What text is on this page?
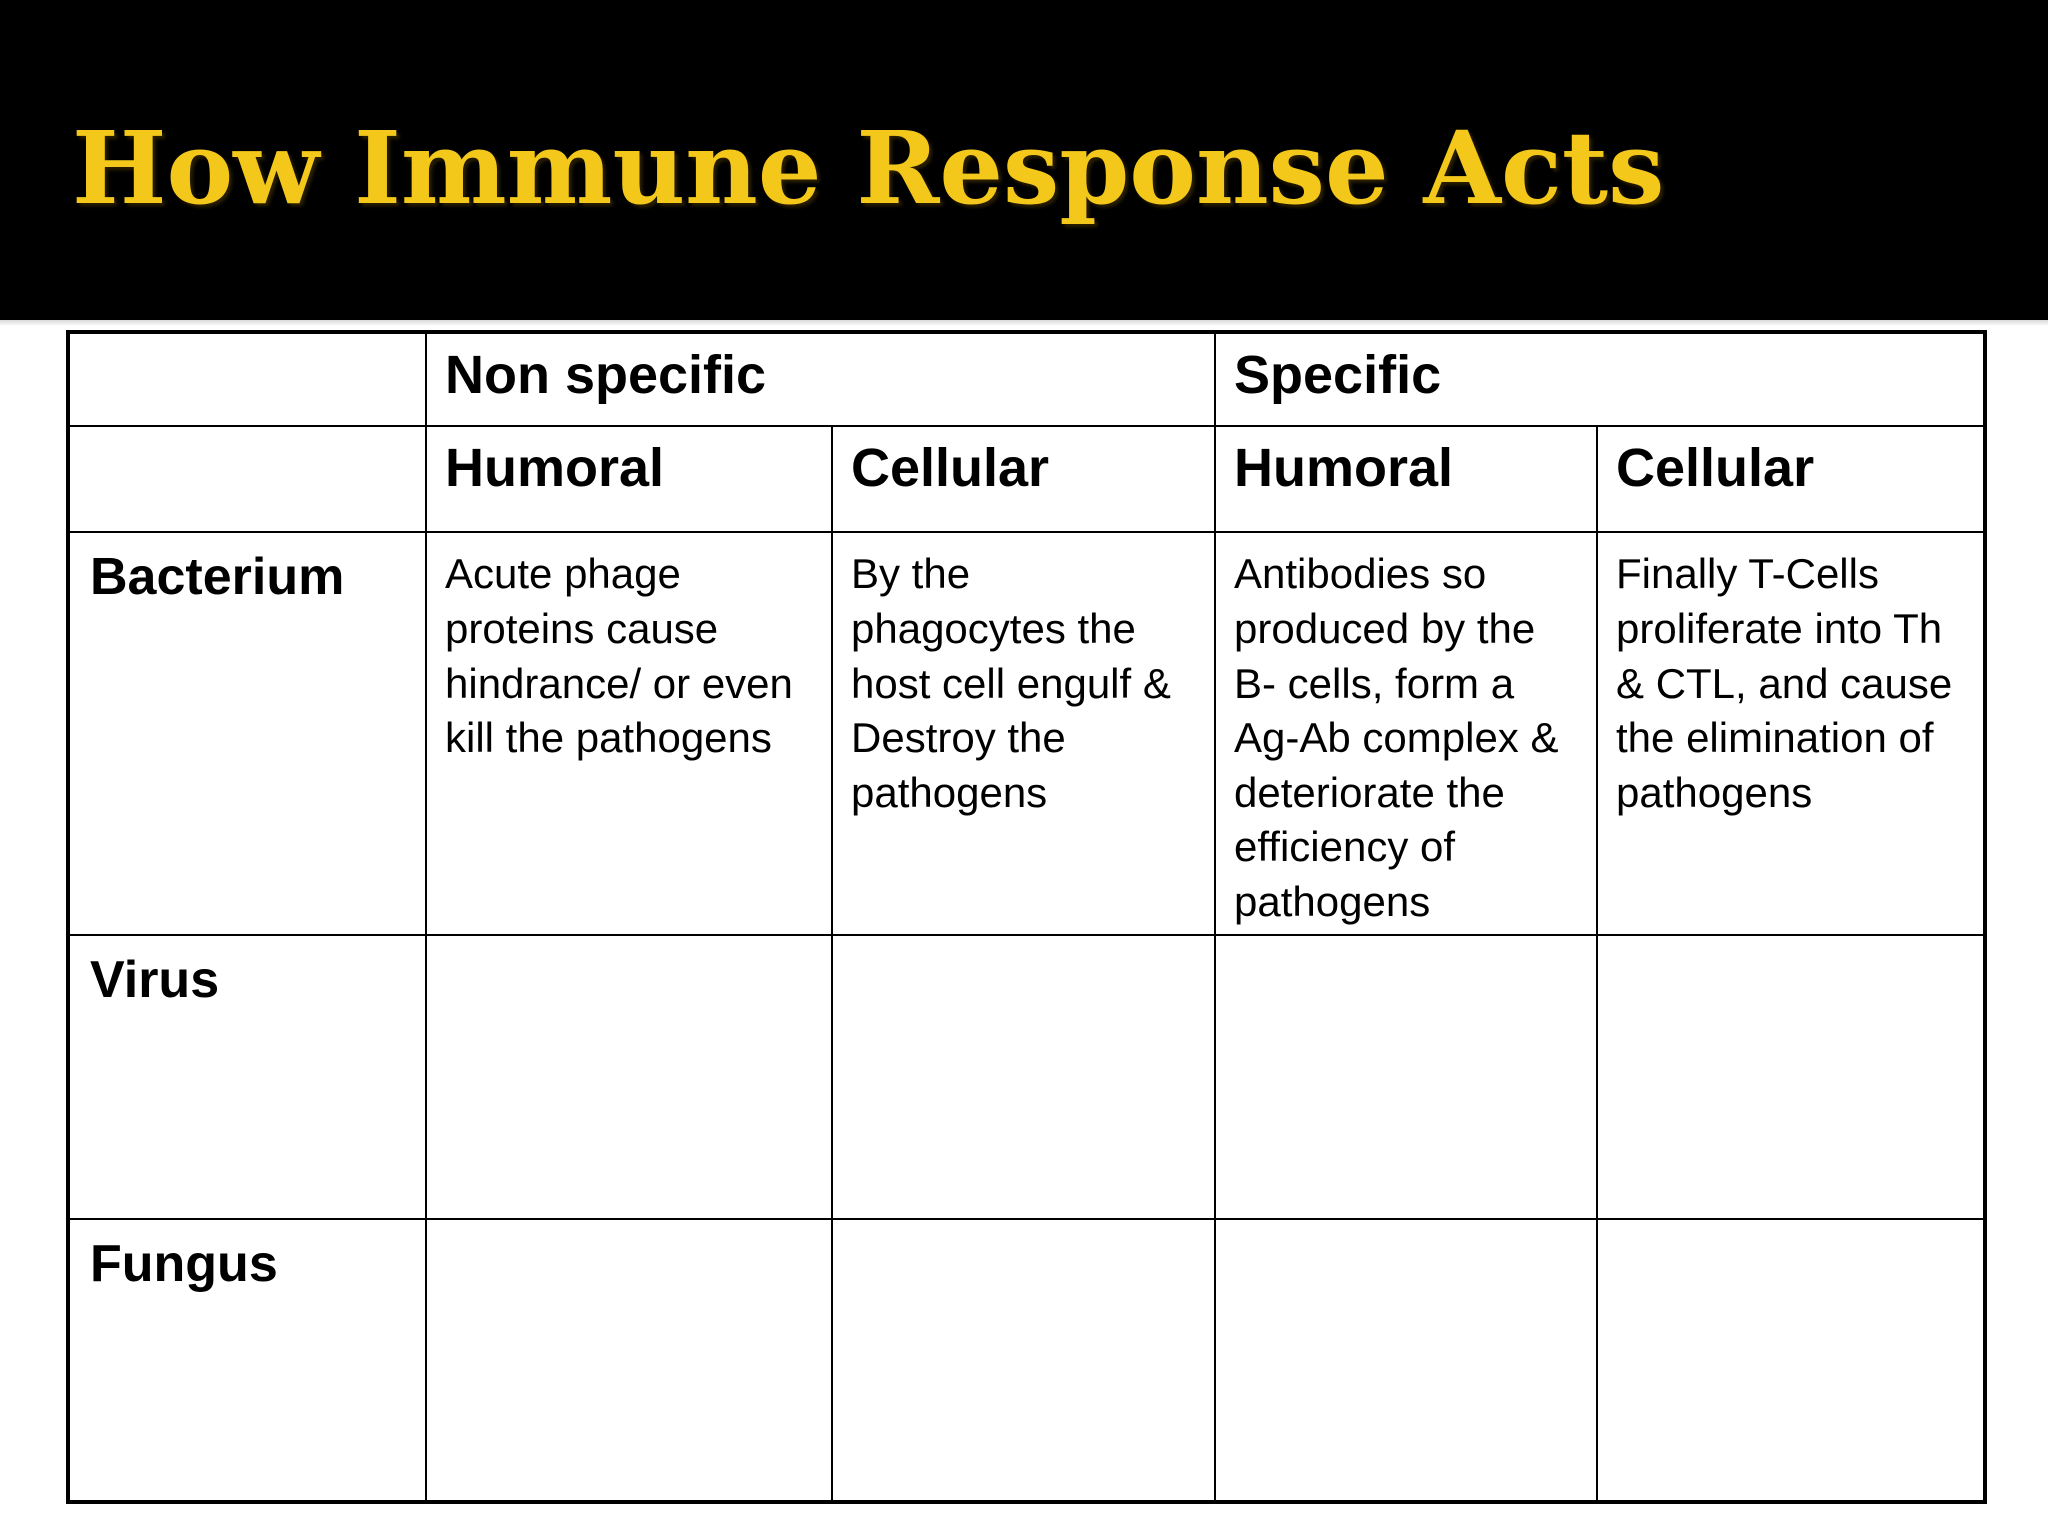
How Immune Response Acts
	Non specific		Specific	
	Humoral	Cellular	Humoral	Cellular
Bacterium	Acute phage proteins cause hindrance/ or even kill the pathogens	By the phagocytes the host cell engulf & Destroy the pathogens	Antibodies so produced by the B- cells, form a Ag-Ab complex & deteriorate the efficiency of pathogens	Finally T-Cells proliferate into Th & CTL, and cause the elimination of pathogens
Virus				
Fungus				
